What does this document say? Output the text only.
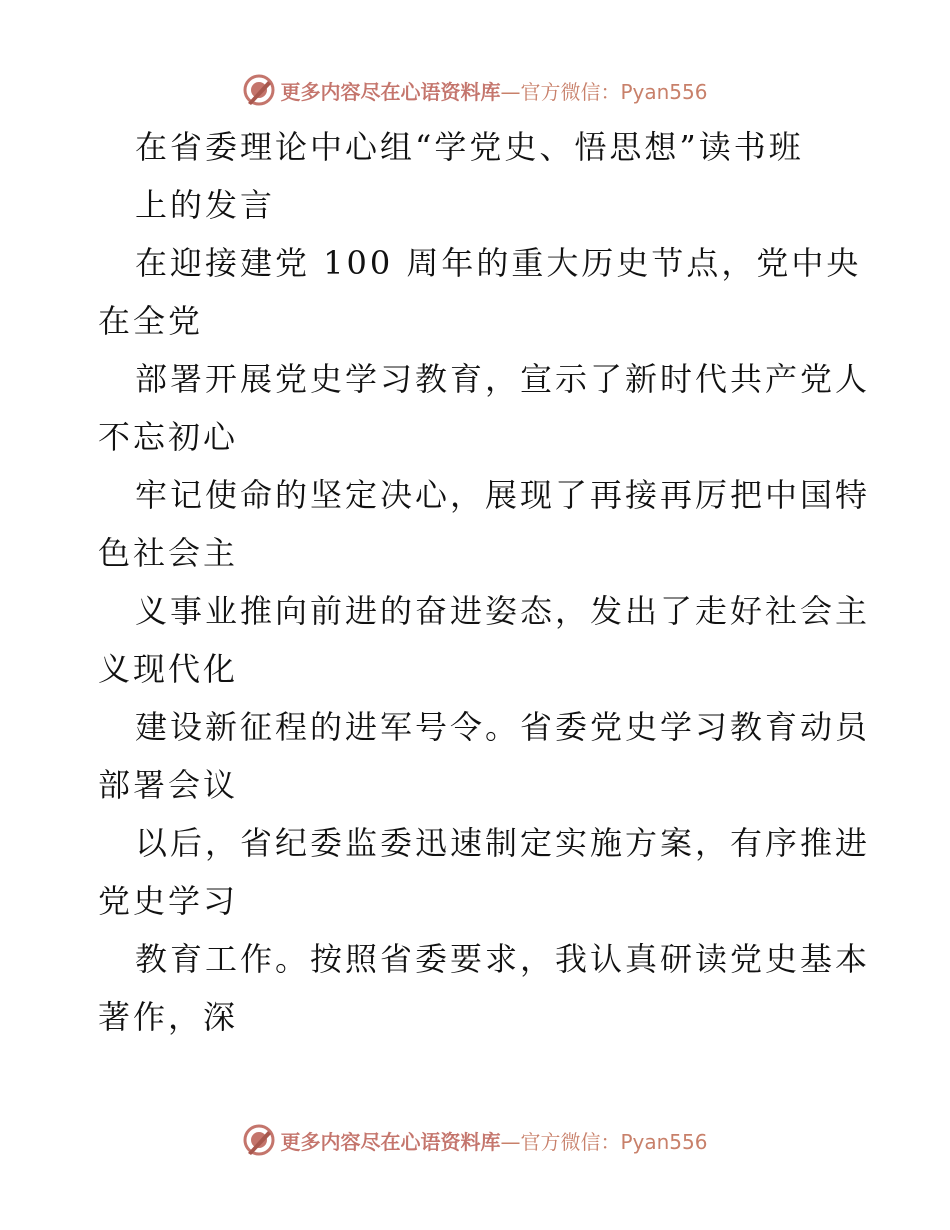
更多内容尽在心语资料库—官方微信：Pyan556
在省委理论中心组“学党史、悟思想”读书班
上的发言
在迎接建党 100 周年的重大历史节点，党中央
在全党
部署开展党史学习教育，宣示了新时代共产党人
不忘初心
牢记使命的坚定决心，展现了再接再厉把中国特
色社会主
义事业推向前进的奋进姿态，发出了走好社会主
义现代化
建设新征程的进军号令。省委党史学习教育动员
部署会议
以后，省纪委监委迅速制定实施方案，有序推进
党史学习
教育工作。按照省委要求，我认真研读党史基本
著作，深
更多内容尽在心语资料库—官方微信：Pyan556
